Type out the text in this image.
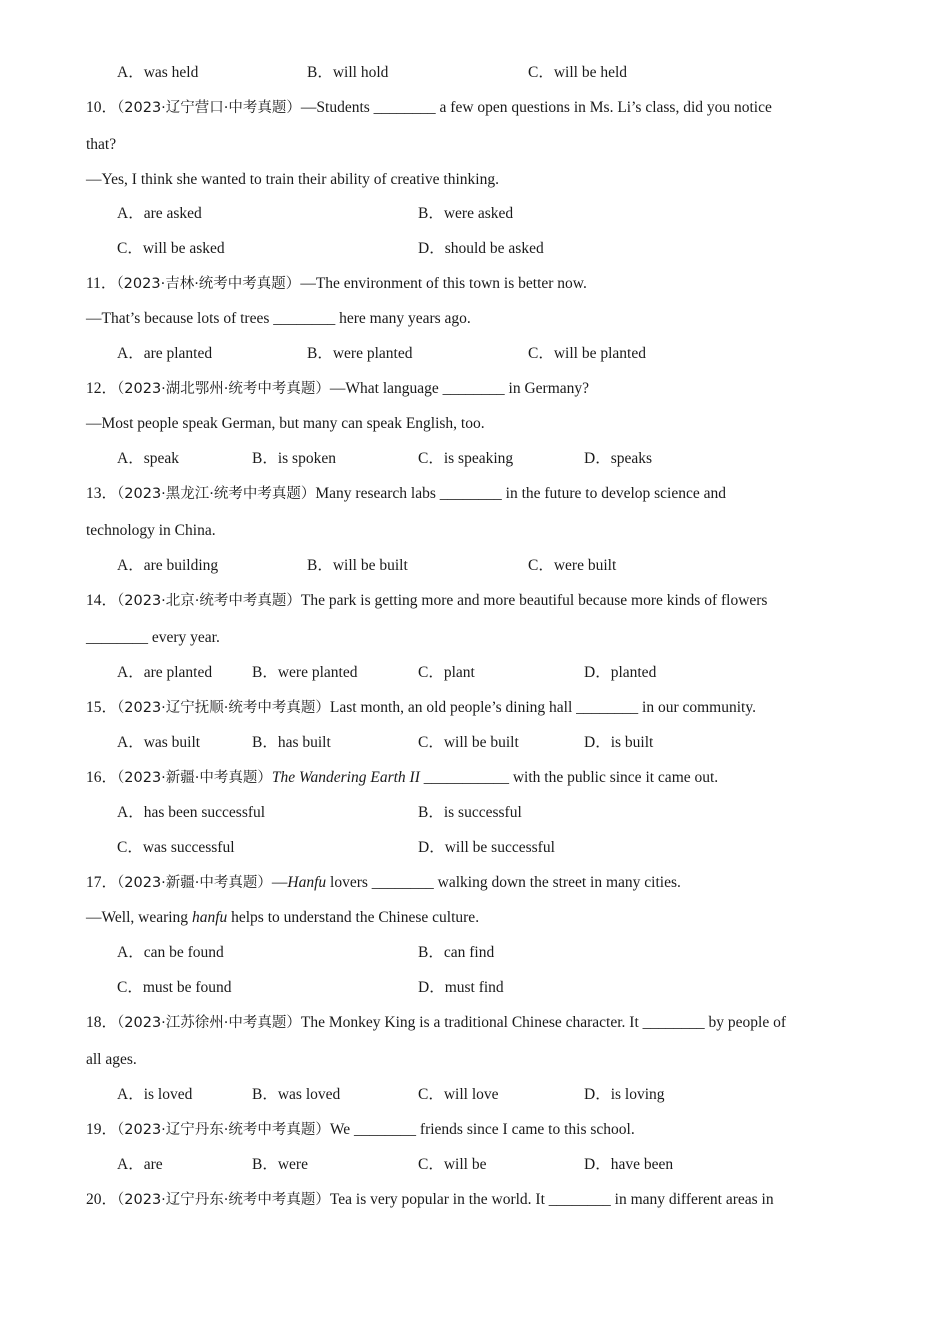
A．was held	B．will hold	C．will be held
10．（2023·辽宁营口·中考真题）—Students ________ a few open questions in Ms. Li’s class, did you notice
that?
—Yes, I think she wanted to train their ability of creative thinking.
A．are asked	B．were asked
C．will be asked	D．should be asked
11．（2023·吉林·统考中考真题）—The environment of this town is better now.
—That’s because lots of trees ________ here many years ago.
A．are planted	B．were planted	C．will be planted
12．（2023·湖北鄂州·统考中考真题）—What language ________ in Germany?
—Most people speak German, but many can speak English, too.
A．speak	B．is spoken	C．is speaking	D．speaks
13．（2023·黑龙江·统考中考真题）Many research labs ________ in the future to develop science and
technology in China.
A．are building	B．will be built	C．were built
14．（2023·北京·统考中考真题）The park is getting more and more beautiful because more kinds of flowers
________ every year.
A．are planted	B．were planted	C．plant	D．planted
15．（2023·辽宁抚顺·统考中考真题）Last month, an old people’s dining hall ________ in our community.
A．was built	B．has built	C．will be built	D．is built
16．（2023·新疆·中考真题）The Wandering Earth II ___________ with the public since it came out.
A．has been successful	B．is successful
C．was successful	D．will be successful
17．（2023·新疆·中考真题）—Hanfu lovers ________ walking down the street in many cities.
—Well, wearing hanfu helps to understand the Chinese culture.
A．can be found	B．can find
C．must be found	D．must find
18．（2023·江苏徐州·中考真题）The Monkey King is a traditional Chinese character. It ________ by people of
all ages.
A．is loved	B．was loved	C．will love	D．is loving
19．（2023·辽宁丹东·统考中考真题）We ________ friends since I came to this school.
A．are	B．were	C．will be	D．have been
20．（2023·辽宁丹东·统考中考真题）Tea is very popular in the world. It ________ in many different areas in
